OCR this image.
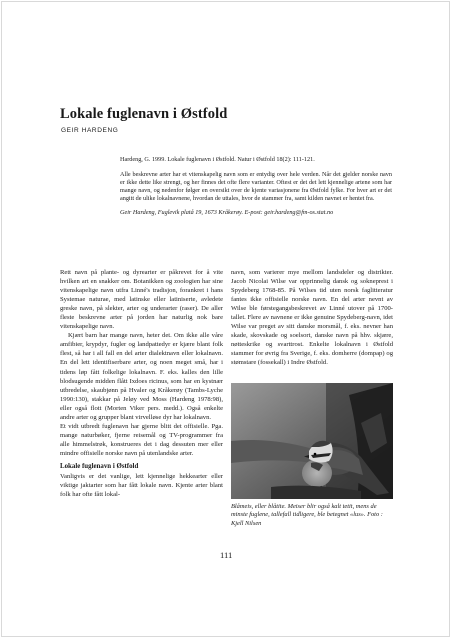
Lokale fuglenavn i Østfold
GEIR HARDENG

Hardeng, G. 1999. Lokale fuglenavn i Østfold. Natur i Østfold 18(2): 111-121.

Alle beskrevne arter har et vitenskapelig navn som er entydig over hele verden. Når det gjelder norske navn er ikke dette like strengt, og her finnes det ofte flere varianter. Oftest er det det lett kjennelige artene som har mange navn, og nedenfor følger en oversikt over de kjente variasjonene fra Østfold fylke. For hver art er det angitt de ulike lokalnavnene, hvordan de uttales, hvor de stammer fra, samt kilden navnet er hentet fra.

Geir Hardeng, Fuglevik platå 19, 1673 Kråkerøy. E-post: geir.hardeng@fm-os.stat.no

Rett navn på plante- og dyrearter er påkrevet for å vite hvilken art en snakker om. Botanikken og zoologien har sine vitenskapelige navn utfra Linné's tradisjon, forankret i hans Systemae naturae, med latinske eller latiniserte, avledete greske navn, på slekter, arter og underarter (raser). De aller fleste beskrevne arter på jorden har naturlig nok bare vitenskapelige navn.

Kjært barn har mange navn, heter det. Om ikke alle våre amfibier, krypdyr, fugler og landpattedyr er kjære blant folk flest, så har i all fall en del arter dialektnavn eller lokalnavn. En del lett identifiserbare arter, og noen meget små, har i tidens løp fått folkelige lokalnavn. F. eks. kalles den lille blodsugende midden flått Ixdoes ricinus, som har en kystnær utbredelse, skaubjønn på Hvaler og Kråkerøy (Tambs-Lyche 1990:130), stakkar på Jeløy ved Moss (Hardeng 1978:98), eller også flott (Morten Viker pers. medd.). Også enkelte andre arter og grupper blant virvelløse dyr har lokalnavn.

Et vidt utbredt fuglenavn har gjerne blitt det offisielle. Pga. mange naturbøker, fjerne reisemål og TV-programmer fra alle himmelstrøk, konstrueres det i dag dessuten mer eller mindre offisielle norske navn på utenlandske arter.

Lokale fuglenavn i Østfold

Vanligvis er det vanlige, lett kjennelige hekkearter eller viktige jaktarter som har fått lokale navn. Kjente arter blant folk har ofte fått lokal-

navn, som varierer mye mellom landsdeler og distrikter. Jacob Nicolai Wilse var opprinnelig dansk og sokneprest i Spydeberg 1768-85. På Wilses tid uten norsk faglitteratur fantes ikke offisielle norske navn. En del arter nevnt av Wilse ble førstegangsbeskrevet av Linné utover på 1700-tallet. Flere av navnene er ikke genuine Spydeberg-navn, idet Wilse var preget av sitt danske morsmål, f. eks. nevner han skade, skovskade og soelsort, danske navn på hhv. skjære, nøtteskrike og svarttrost. Enkelte lokalnavn i Østfold stammer for øvrig fra Sverige, f. eks. domherre (dompap) og stømstare (fossekall) i Indre Østfold.

Blåmeis, eller blåtite. Meiser blir også kalt tetit, mens de minste fuglene, tallefall tidligere, ble betegnet «lus». Foto : Kjell Nilsen

111
